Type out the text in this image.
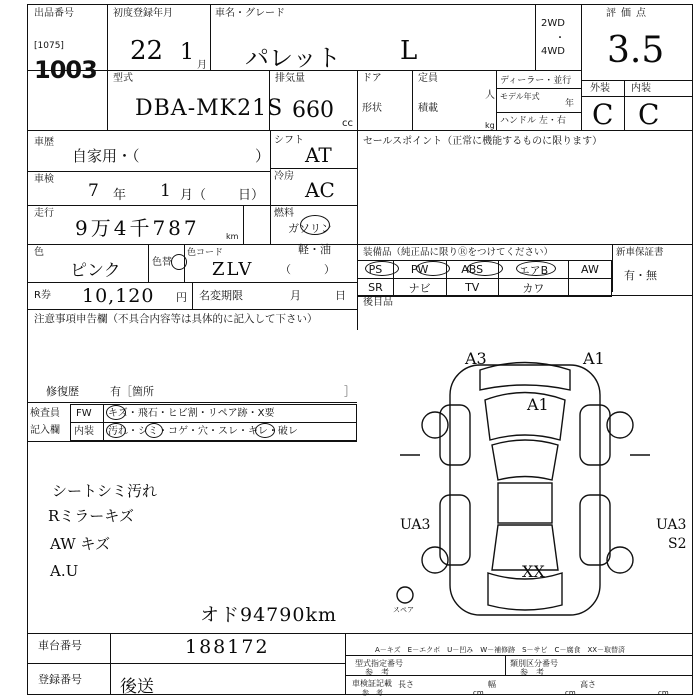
出品番号
[1075]
1003
初度登録年月
22 1
月
車名・グレード
パレット L
2WD
・
4WD
評価点
3.5
型式
DBA-MK21S
排気量
660
cc
ドア
形状
定員
人
積載
kg
ディーラー・並行
モデル年式
年
ハンドル 左・右
外装 内装
C C
車歴
自家用・（	）
車検
7 年 1 月（ 日）
走行
9万4千787	km
色
ピンク	色替
色コード
ZLV
R券 10,120 円 名変期限	月	日
シフト
AT
冷房
AC
燃料
ガソリン
軽・油
（　　　）
セールスポイント（正常に機能するものに限ります）
装備品（純正品に限りⓇをつけてください）	新車保証書
有・無
PS	PW	ABS	エアB	AW
SR	ナビ	TV	カワ	
後目品
注意事項申告欄（不具合内容等は具体的に記入して下さい）
修復歴	有［箇所	］
検査員
記入欄
FW キズ・飛石・ヒビ割・リペア跡・X要
内装 汚れ・シミ・コゲ・穴・スレ・キレ・破レ
シートシミ汚れ
Rミラーキズ
AW キズ
A.U
オド94790km
A3	A1
A1
UA3	UA3
S2
XX
スペア
車台番号	188172
登録番号 後送
A－キズ　E－エクボ　U－凹み　W－補修跡　S－サビ　C－腐食　XX－取替済
型式指定番号
参　考
類別区分番号
参　考
車検証記載
参　考
長さ
cm
幅
cm
高さ
cm
